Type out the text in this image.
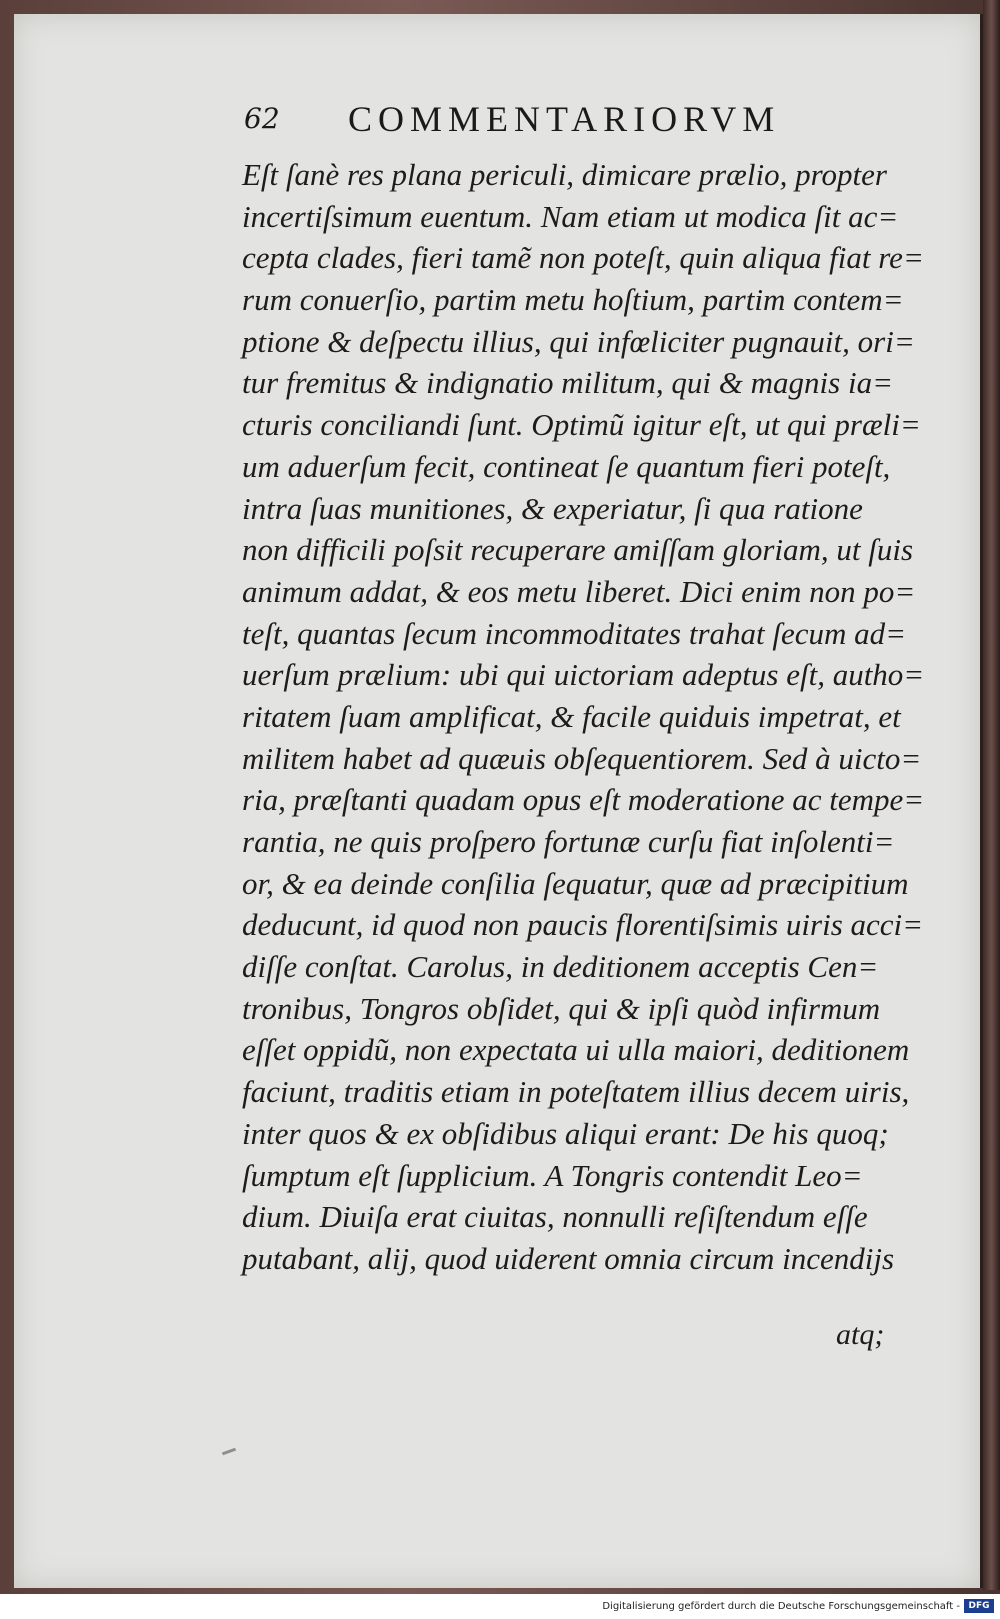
62 COMMENTARIORVM
Eſt ſanè res plana periculi, dimicare prælio, propter
incertiſsimum euentum. Nam etiam ut modica ſit ac=
cepta clades, fieri tamẽ non poteſt, quin aliqua fiat re=
rum conuerſio, partim metu hoſtium, partim contem=
ptione & deſpectu illius, qui infœliciter pugnauit, ori=
tur fremitus & indignatio militum, qui & magnis ia=
cturis conciliandi ſunt. Optimũ igitur eſt, ut qui præli=
um aduerſum fecit, contineat ſe quantum fieri poteſt,
intra ſuas munitiones, & experiatur, ſi qua ratione
non difficili poſsit recuperare amiſſam gloriam, ut ſuis
animum addat, & eos metu liberet. Dici enim non po=
teſt, quantas ſecum incommoditates trahat ſecum ad=
uerſum prælium: ubi qui uictoriam adeptus eſt, autho=
ritatem ſuam amplificat, & facile quiduis impetrat, et
militem habet ad quæuis obſequentiorem. Sed à uicto=
ria, præſtanti quadam opus eſt moderatione ac tempe=
rantia, ne quis proſpero fortunæ curſu fiat inſolenti=
or, & ea deinde conſilia ſequatur, quæ ad præcipitium
deducunt, id quod non paucis florentiſsimis uiris acci=
diſſe conſtat. Carolus, in deditionem acceptis Cen=
tronibus, Tongros obſidet, qui & ipſi quòd infirmum
eſſet oppidũ, non expectata ui ulla maiori, deditionem
faciunt, traditis etiam in poteſtatem illius decem uiris,
inter quos & ex obſidibus aliqui erant: De his quoq;
ſumptum eſt ſupplicium. A Tongris contendit Leo=
dium. Diuiſa erat ciuitas, nonnulli reſiſtendum eſſe
putabant, alij, quod uiderent omnia circum incendijs
atq;
Digitalisierung gefördert durch die Deutsche Forschungsgemeinschaft - DFG
